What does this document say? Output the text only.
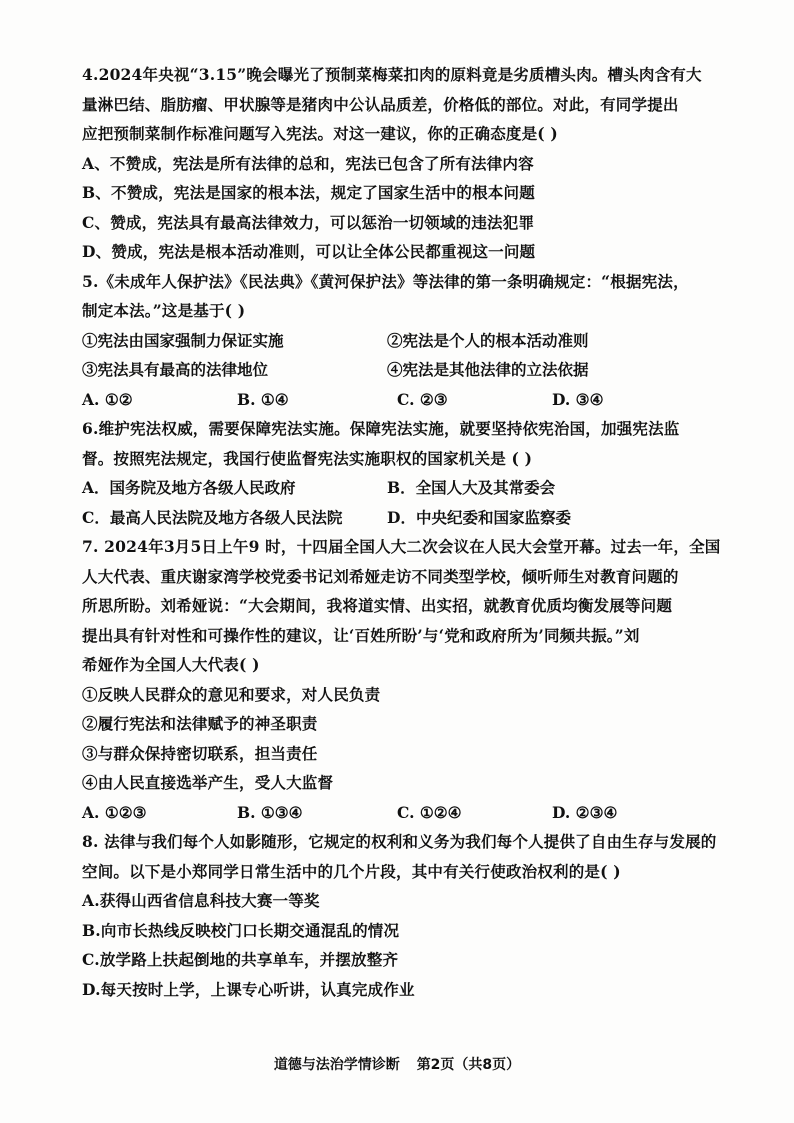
4.2024年央视“3.15”晚会曝光了预制菜梅菜扣肉的原料竟是劣质槽头肉。槽头肉含有大
量淋巴结、脂肪瘤、甲状腺等是猪肉中公认品质差，价格低的部位。对此，有同学提出
应把预制菜制作标准问题写入宪法。对这一建议，你的正确态度是( )
A、不赞成，宪法是所有法律的总和，宪法已包含了所有法律内容
B、不赞成，宪法是国家的根本法，规定了国家生活中的根本问题
C、赞成，宪法具有最高法律效力，可以惩治一切领域的违法犯罪
D、赞成，宪法是根本活动准则，可以让全体公民都重视这一问题
5.《未成年人保护法》《民法典》《黄河保护法》等法律的第一条明确规定：“根据宪法，
制定本法。”这是基于( )
①宪法由国家强制力保证实施	②宪法是个人的根本活动准则
③宪法具有最高的法律地位	④宪法是其他法律的立法依据
A. ①②	B. ①④	C. ②③	D. ③④
6.维护宪法权威，需要保障宪法实施。保障宪法实施，就要坚持依宪治国，加强宪法监
督。按照宪法规定，我国行使监督宪法实施职权的国家机关是 ( )
A．国务院及地方各级人民政府	B．全国人大及其常委会
C．最高人民法院及地方各级人民法院	D．中央纪委和国家监察委
7. 2024年3月5日上午9 时，十四届全国人大二次会议在人民大会堂开幕。过去一年，全国
人大代表、重庆谢家湾学校党委书记刘希娅走访不同类型学校，倾听师生对教育问题的
所思所盼。刘希娅说：“大会期间，我将道实情、出实招，就教育优质均衡发展等问题
提出具有针对性和可操作性的建议，让‘百姓所盼’与‘党和政府所为’同频共振。”刘
希娅作为全国人大代表( )
①反映人民群众的意见和要求，对人民负责
②履行宪法和法律赋予的神圣职责
③与群众保持密切联系，担当责任
④由人民直接选举产生，受人大监督
A. ①②③	B. ①③④	C. ①②④	D. ②③④
8. 法律与我们每个人如影随形，它规定的权利和义务为我们每个人提供了自由生存与发展的
空间。以下是小郑同学日常生活中的几个片段，其中有关行使政治权利的是( )
A.获得山西省信息科技大赛一等奖
B.向市长热线反映校门口长期交通混乱的情况
C.放学路上扶起倒地的共享单车，并摆放整齐
D.每天按时上学，上课专心听讲，认真完成作业
道德与法治学情诊断 第2页（共8页）
